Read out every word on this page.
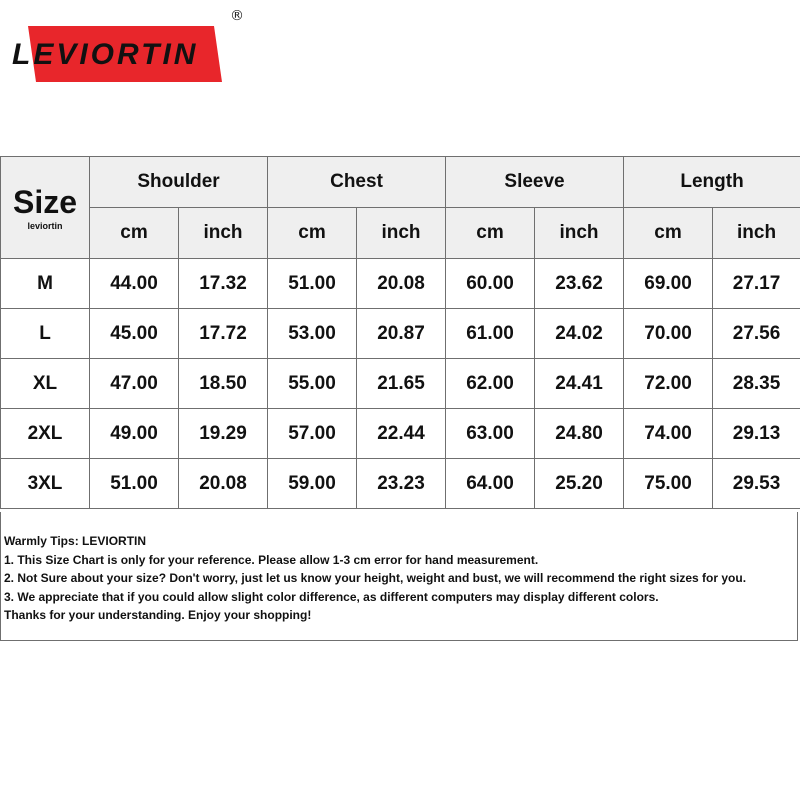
LEVIORTIN
®
Size
leviortin	Shoulder		Chest		Sleeve		Length	
	cm	inch	cm	inch	cm	inch	cm	inch
M	44.00	17.32	51.00	20.08	60.00	23.62	69.00	27.17
L	45.00	17.72	53.00	20.87	61.00	24.02	70.00	27.56
XL	47.00	18.50	55.00	21.65	62.00	24.41	72.00	28.35
2XL	49.00	19.29	57.00	22.44	63.00	24.80	74.00	29.13
3XL	51.00	20.08	59.00	23.23	64.00	25.20	75.00	29.53

Warmly Tips: LEVIORTIN

1. This Size Chart is only for your reference. Please allow 1-3 cm error for hand measurement.

2. Not Sure about your size? Don't worry, just let us know your height, weight and bust, we will recommend the right sizes for you.

3. We appreciate that if you could allow slight color difference, as different computers may display different colors.

Thanks for your understanding. Enjoy your shopping!
